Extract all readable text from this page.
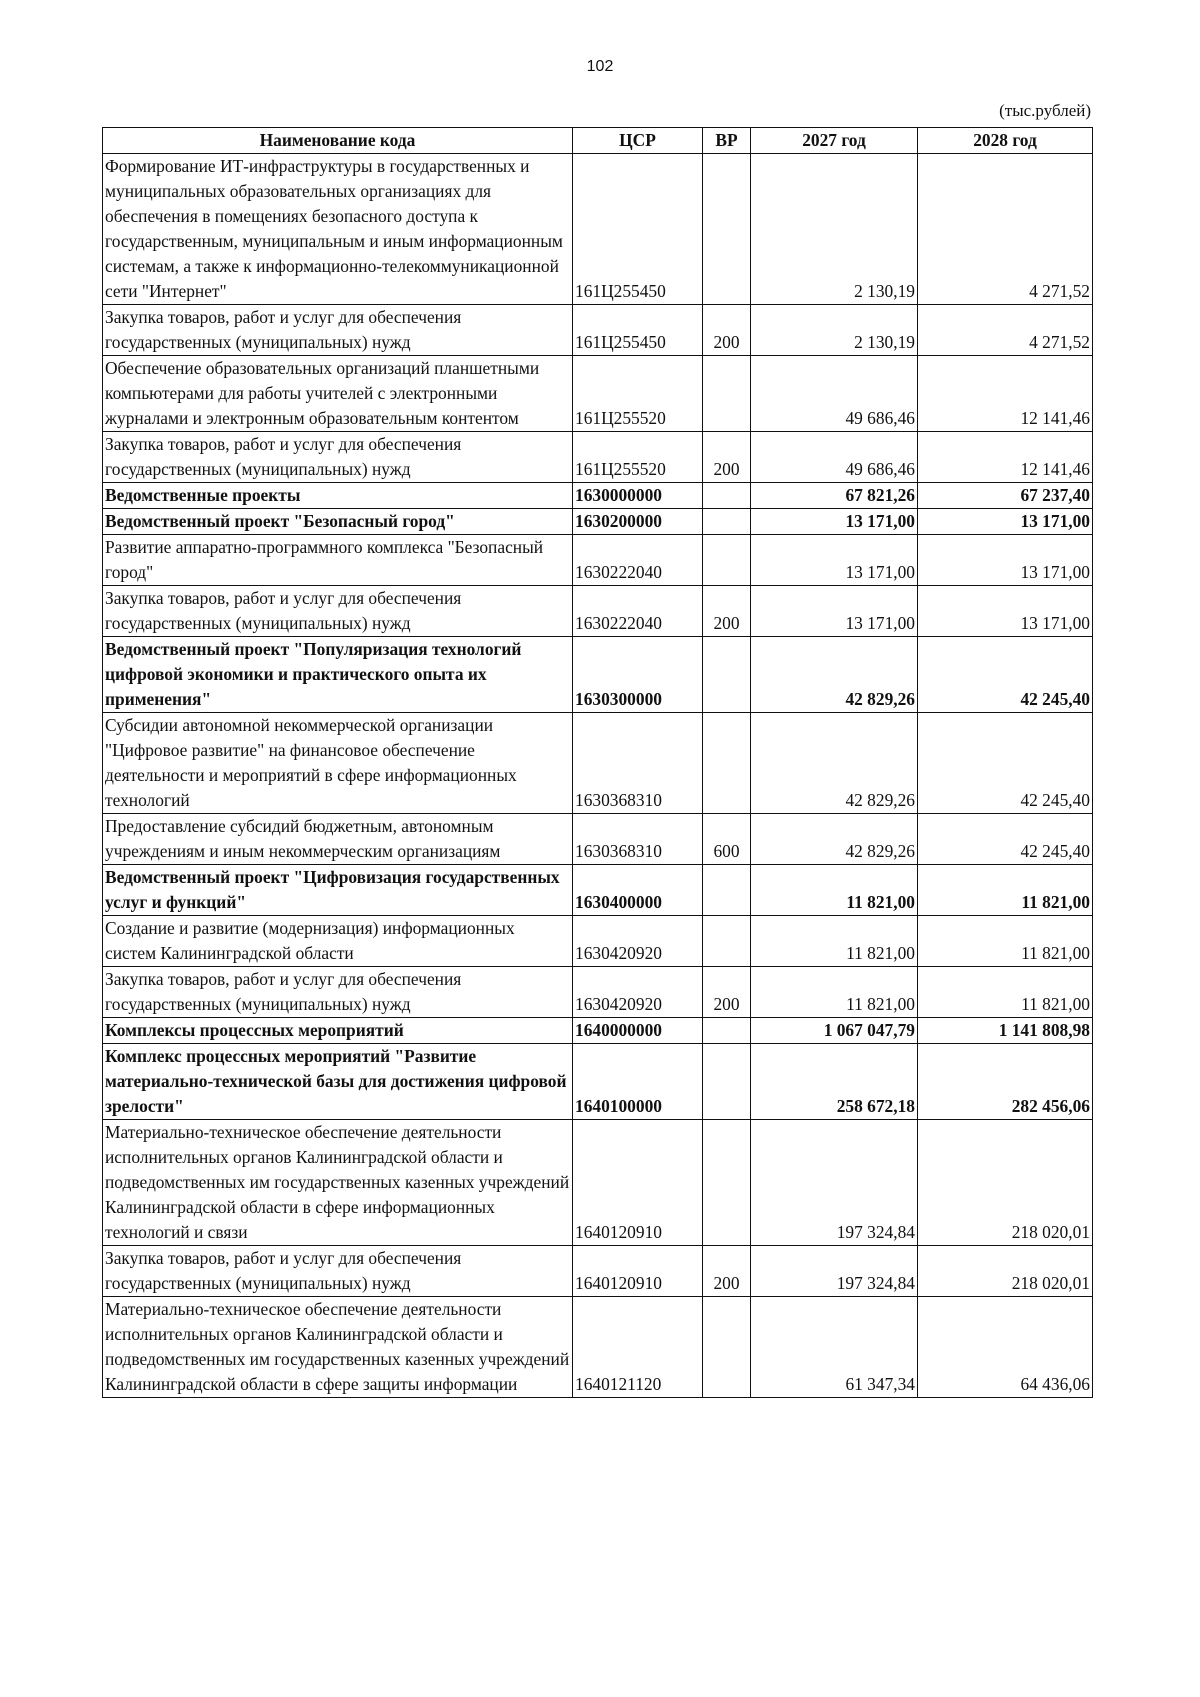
102
(тыс.рублей)
Наименование кода	ЦСР	ВР	2027 год	2028 год
Формирование ИТ-инфраструктуры в государственных и муниципальных образовательных организациях для обеспечения в помещениях безопасного доступа к государственным, муниципальным и иным информационным системам, а также к информационно-телекоммуникационной сети "Интернет"	161Ц255450		2 130,19	4 271,52
Закупка товаров, работ и услуг для обеспечения государственных (муниципальных) нужд	161Ц255450	200	2 130,19	4 271,52
Обеспечение образовательных организаций планшетными компьютерами для работы учителей с электронными журналами и электронным образовательным контентом	161Ц255520		49 686,46	12 141,46
Закупка товаров, работ и услуг для обеспечения государственных (муниципальных) нужд	161Ц255520	200	49 686,46	12 141,46
Ведомственные проекты	1630000000		67 821,26	67 237,40
Ведомственный проект "Безопасный город"	1630200000		13 171,00	13 171,00
Развитие аппаратно-программного комплекса "Безопасный город"	1630222040		13 171,00	13 171,00
Закупка товаров, работ и услуг для обеспечения государственных (муниципальных) нужд	1630222040	200	13 171,00	13 171,00
Ведомственный проект "Популяризация технологий цифровой экономики и практического опыта их применения"	1630300000		42 829,26	42 245,40
Субсидии автономной некоммерческой организации "Цифровое развитие" на финансовое обеспечение деятельности и мероприятий в сфере информационных технологий	1630368310		42 829,26	42 245,40
Предоставление субсидий бюджетным, автономным учреждениям и иным некоммерческим организациям	1630368310	600	42 829,26	42 245,40
Ведомственный проект "Цифровизация государственных услуг и функций"	1630400000		11 821,00	11 821,00
Создание и развитие (модернизация) информационных систем Калининградской области	1630420920		11 821,00	11 821,00
Закупка товаров, работ и услуг для обеспечения государственных (муниципальных) нужд	1630420920	200	11 821,00	11 821,00
Комплексы процессных мероприятий	1640000000		1 067 047,79	1 141 808,98
Комплекс процессных мероприятий "Развитие материально-технической базы для достижения цифровой зрелости"	1640100000		258 672,18	282 456,06
Материально-техническое обеспечение деятельности исполнительных органов Калининградской области и подведомственных им государственных казенных учреждений Калининградской области в сфере информационных технологий и связи	1640120910		197 324,84	218 020,01
Закупка товаров, работ и услуг для обеспечения государственных (муниципальных) нужд	1640120910	200	197 324,84	218 020,01
Материально-техническое обеспечение деятельности исполнительных органов Калининградской области и подведомственных им государственных казенных учреждений Калининградской области в сфере защиты информации	1640121120		61 347,34	64 436,06
